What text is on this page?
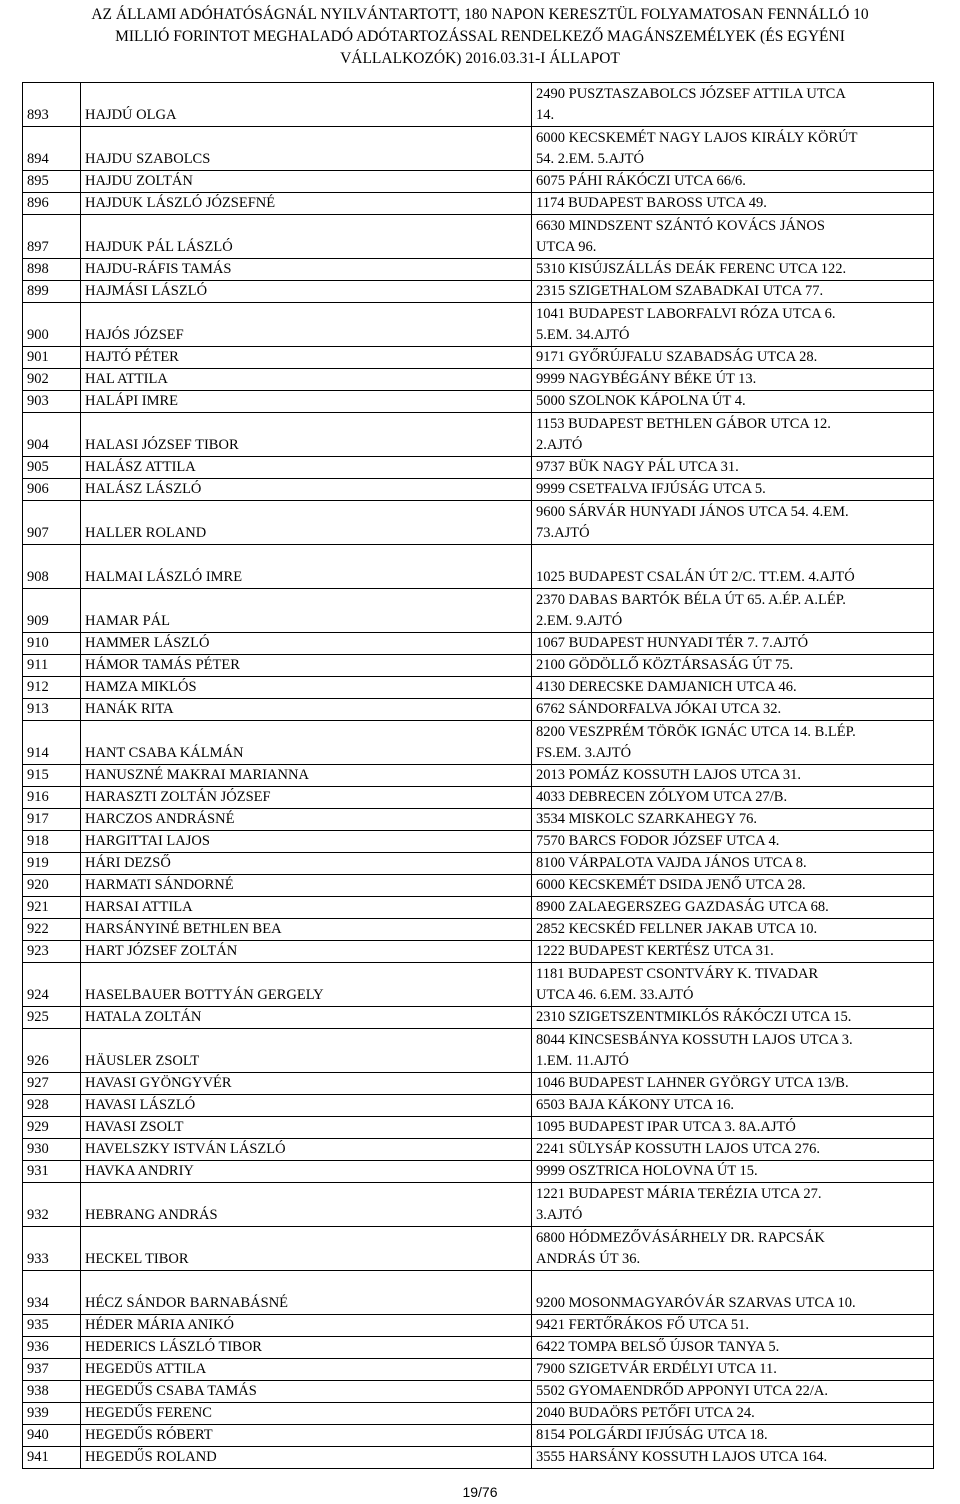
AZ ÁLLAMI ADÓHATÓSÁGNÁL NYILVÁNTARTOTT, 180 NAPON KERESZTÜL FOLYAMATOSAN FENNÁLLÓ 10
MILLIÓ FORINTOT MEGHALADÓ ADÓTARTOZÁSSAL RENDELKEZŐ MAGÁNSZEMÉLYEK (ÉS EGYÉNI
VÁLLALKOZÓK) 2016.03.31-I ÁLLAPOT
893	HAJDÚ OLGA	2490 PUSZTASZABOLCS JÓZSEF ATTILA UTCA
14.
894	HAJDU SZABOLCS	6000 KECSKEMÉT NAGY LAJOS KIRÁLY KÖRÚT
54. 2.EM. 5.AJTÓ
895	HAJDU ZOLTÁN	6075 PÁHI RÁKÓCZI UTCA 66/6.
896	HAJDUK LÁSZLÓ JÓZSEFNÉ	1174 BUDAPEST BAROSS UTCA 49.
897	HAJDUK PÁL LÁSZLÓ	6630 MINDSZENT SZÁNTÓ KOVÁCS JÁNOS
UTCA 96.
898	HAJDU-RÁFIS TAMÁS	5310 KISÚJSZÁLLÁS DEÁK FERENC UTCA 122.
899	HAJMÁSI LÁSZLÓ	2315 SZIGETHALOM SZABADKAI UTCA 77.
900	HAJÓS JÓZSEF	1041 BUDAPEST LABORFALVI RÓZA UTCA 6.
5.EM. 34.AJTÓ
901	HAJTÓ PÉTER	9171 GYŐRÚJFALU SZABADSÁG UTCA 28.
902	HAL ATTILA	9999 NAGYBÉGÁNY BÉKE ÚT 13.
903	HALÁPI IMRE	5000 SZOLNOK KÁPOLNA ÚT 4.
904	HALASI JÓZSEF TIBOR	1153 BUDAPEST BETHLEN GÁBOR UTCA 12.
2.AJTÓ
905	HALÁSZ ATTILA	9737 BÜK NAGY PÁL UTCA 31.
906	HALÁSZ LÁSZLÓ	9999 CSETFALVA IFJÚSÁG UTCA 5.
907	HALLER ROLAND	9600 SÁRVÁR HUNYADI JÁNOS UTCA 54. 4.EM.
73.AJTÓ
908	HALMAI LÁSZLÓ IMRE	1025 BUDAPEST CSALÁN ÚT 2/C. TT.EM. 4.AJTÓ
909	HAMAR PÁL	2370 DABAS BARTÓK BÉLA ÚT 65. A.ÉP. A.LÉP.
2.EM. 9.AJTÓ
910	HAMMER LÁSZLÓ	1067 BUDAPEST HUNYADI TÉR 7. 7.AJTÓ
911	HÁMOR TAMÁS PÉTER	2100 GÖDÖLLŐ KÖZTÁRSASÁG ÚT 75.
912	HAMZA MIKLÓS	4130 DERECSKE DAMJANICH UTCA 46.
913	HANÁK RITA	6762 SÁNDORFALVA JÓKAI UTCA 32.
914	HANT CSABA KÁLMÁN	8200 VESZPRÉM TÖRÖK IGNÁC UTCA 14. B.LÉP.
FS.EM. 3.AJTÓ
915	HANUSZNÉ MAKRAI MARIANNA	2013 POMÁZ KOSSUTH LAJOS UTCA 31.
916	HARASZTI ZOLTÁN JÓZSEF	4033 DEBRECEN ZÓLYOM UTCA 27/B.
917	HARCZOS ANDRÁSNÉ	3534 MISKOLC SZARKAHEGY 76.
918	HARGITTAI LAJOS	7570 BARCS FODOR JÓZSEF UTCA 4.
919	HÁRI DEZSŐ	8100 VÁRPALOTA VAJDA JÁNOS UTCA 8.
920	HARMATI SÁNDORNÉ	6000 KECSKEMÉT DSIDA JENŐ UTCA 28.
921	HARSAI ATTILA	8900 ZALAEGERSZEG GAZDASÁG UTCA 68.
922	HARSÁNYINÉ BETHLEN BEA	2852 KECSKÉD FELLNER JAKAB UTCA 10.
923	HART JÓZSEF ZOLTÁN	1222 BUDAPEST KERTÉSZ UTCA 31.
924	HASELBAUER BOTTYÁN GERGELY	1181 BUDAPEST CSONTVÁRY K. TIVADAR
UTCA 46. 6.EM. 33.AJTÓ
925	HATALA ZOLTÁN	2310 SZIGETSZENTMIKLÓS RÁKÓCZI UTCA 15.
926	HÄUSLER ZSOLT	8044 KINCSESBÁNYA KOSSUTH LAJOS UTCA 3.
1.EM. 11.AJTÓ
927	HAVASI GYÖNGYVÉR	1046 BUDAPEST LAHNER GYÖRGY UTCA 13/B.
928	HAVASI LÁSZLÓ	6503 BAJA KÁKONY UTCA 16.
929	HAVASI ZSOLT	1095 BUDAPEST IPAR UTCA 3. 8A.AJTÓ
930	HAVELSZKY ISTVÁN LÁSZLÓ	2241 SÜLYSÁP KOSSUTH LAJOS UTCA 276.
931	HAVKA ANDRIY	9999 OSZTRICA HOLOVNA ÚT 15.
932	HEBRANG ANDRÁS	1221 BUDAPEST MÁRIA TERÉZIA UTCA 27.
3.AJTÓ
933	HECKEL TIBOR	6800 HÓDMEZŐVÁSÁRHELY DR. RAPCSÁK
ANDRÁS ÚT 36.
934	HÉCZ SÁNDOR BARNABÁSNÉ	9200 MOSONMAGYARÓVÁR SZARVAS UTCA 10.
935	HÉDER MÁRIA ANIKÓ	9421 FERTŐRÁKOS FŐ UTCA 51.
936	HEDERICS LÁSZLÓ TIBOR	6422 TOMPA BELSŐ ÚJSOR TANYA 5.
937	HEGEDÜS ATTILA	7900 SZIGETVÁR ERDÉLYI UTCA 11.
938	HEGEDŰS CSABA TAMÁS	5502 GYOMAENDRŐD APPONYI UTCA 22/A.
939	HEGEDŰS FERENC	2040 BUDAÖRS PETŐFI UTCA 24.
940	HEGEDŰS RÓBERT	8154 POLGÁRDI IFJÚSÁG UTCA 18.
941	HEGEDŰS ROLAND	3555 HARSÁNY KOSSUTH LAJOS UTCA 164.
19/76
